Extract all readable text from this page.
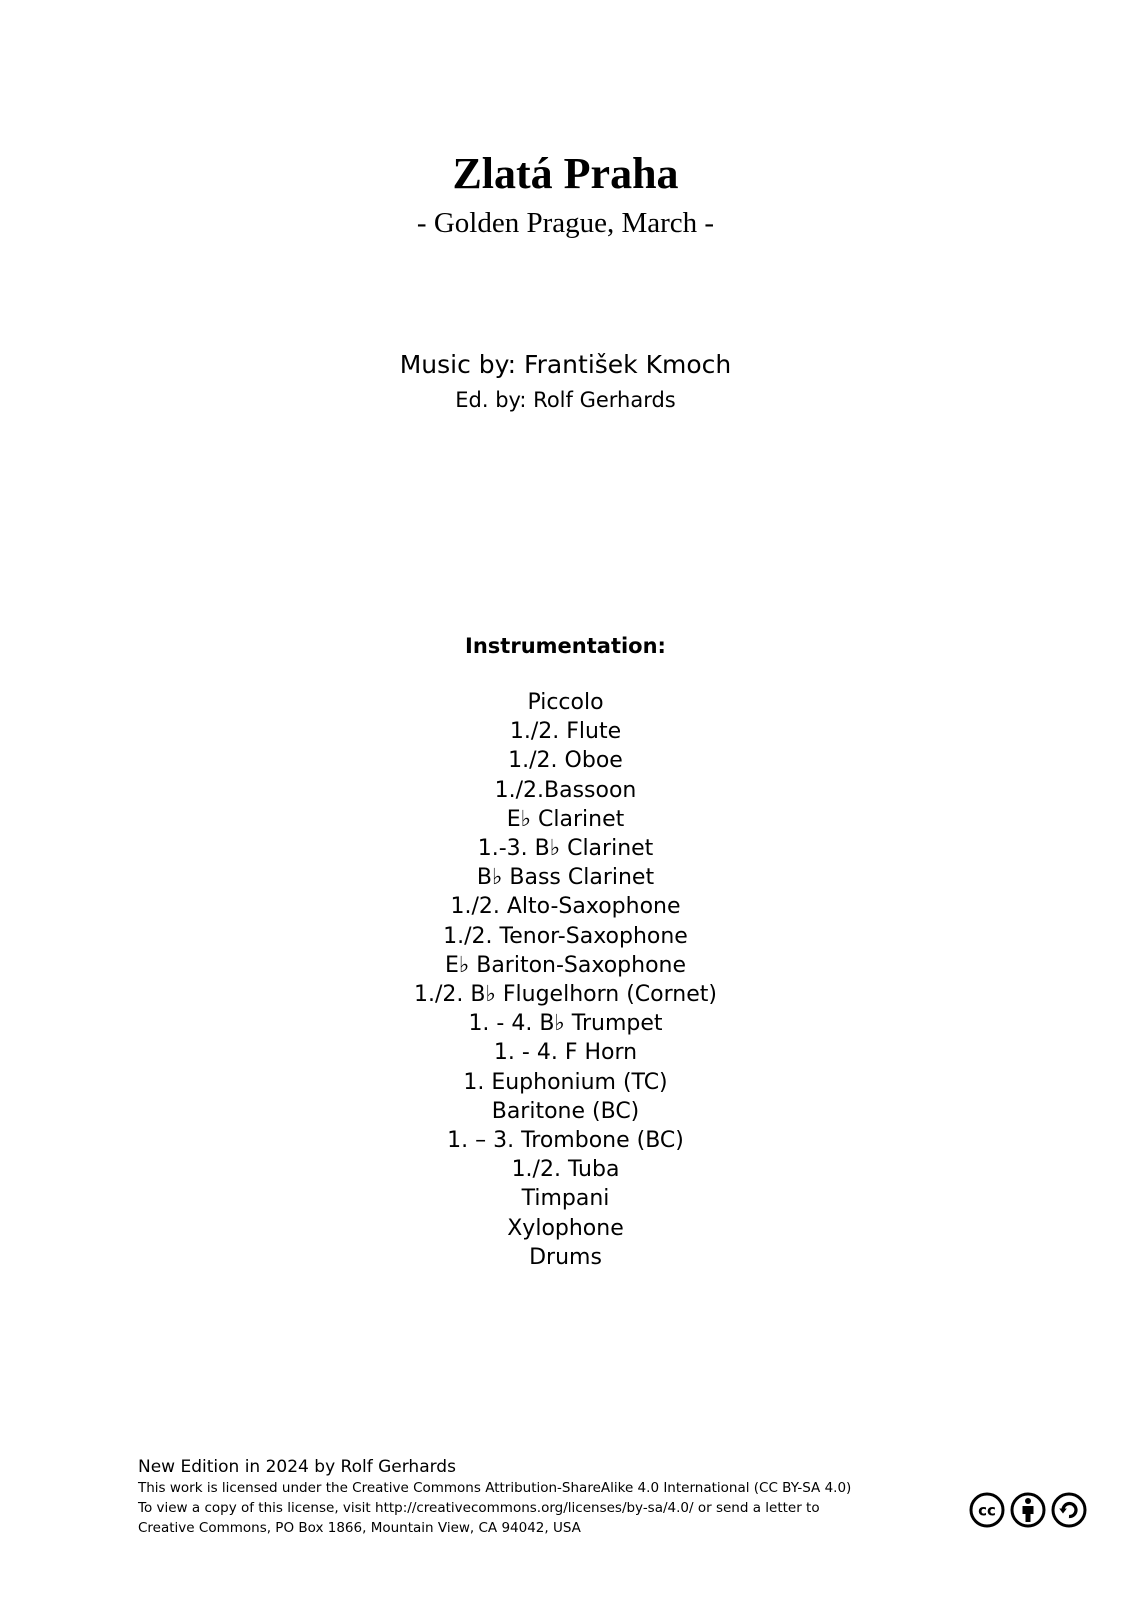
Zlatá Praha
- Golden Prague, March -
Music by: František Kmoch
Ed. by: Rolf Gerhards
Instrumentation:
Piccolo
1./2. Flute
1./2. Oboe
1./2.Bassoon
E♭ Clarinet
1.-3. B♭ Clarinet
B♭ Bass Clarinet
1./2. Alto-Saxophone
1./2. Tenor-Saxophone
E♭ Bariton-Saxophone
1./2. B♭ Flugelhorn (Cornet)
1. - 4. B♭ Trumpet
1. - 4. F Horn
1. Euphonium (TC)
Baritone (BC)
1. – 3. Trombone (BC)
1./2. Tuba
Timpani
Xylophone
Drums
New Edition in 2024 by Rolf Gerhards
This work is licensed under the Creative Commons Attribution-ShareAlike 4.0 International (CC BY-SA 4.0)
To view a copy of this license, visit http://creativecommons.org/licenses/by-sa/4.0/ or send a letter to
Creative Commons, PO Box 1866, Mountain View, CA 94042, USA
cc
